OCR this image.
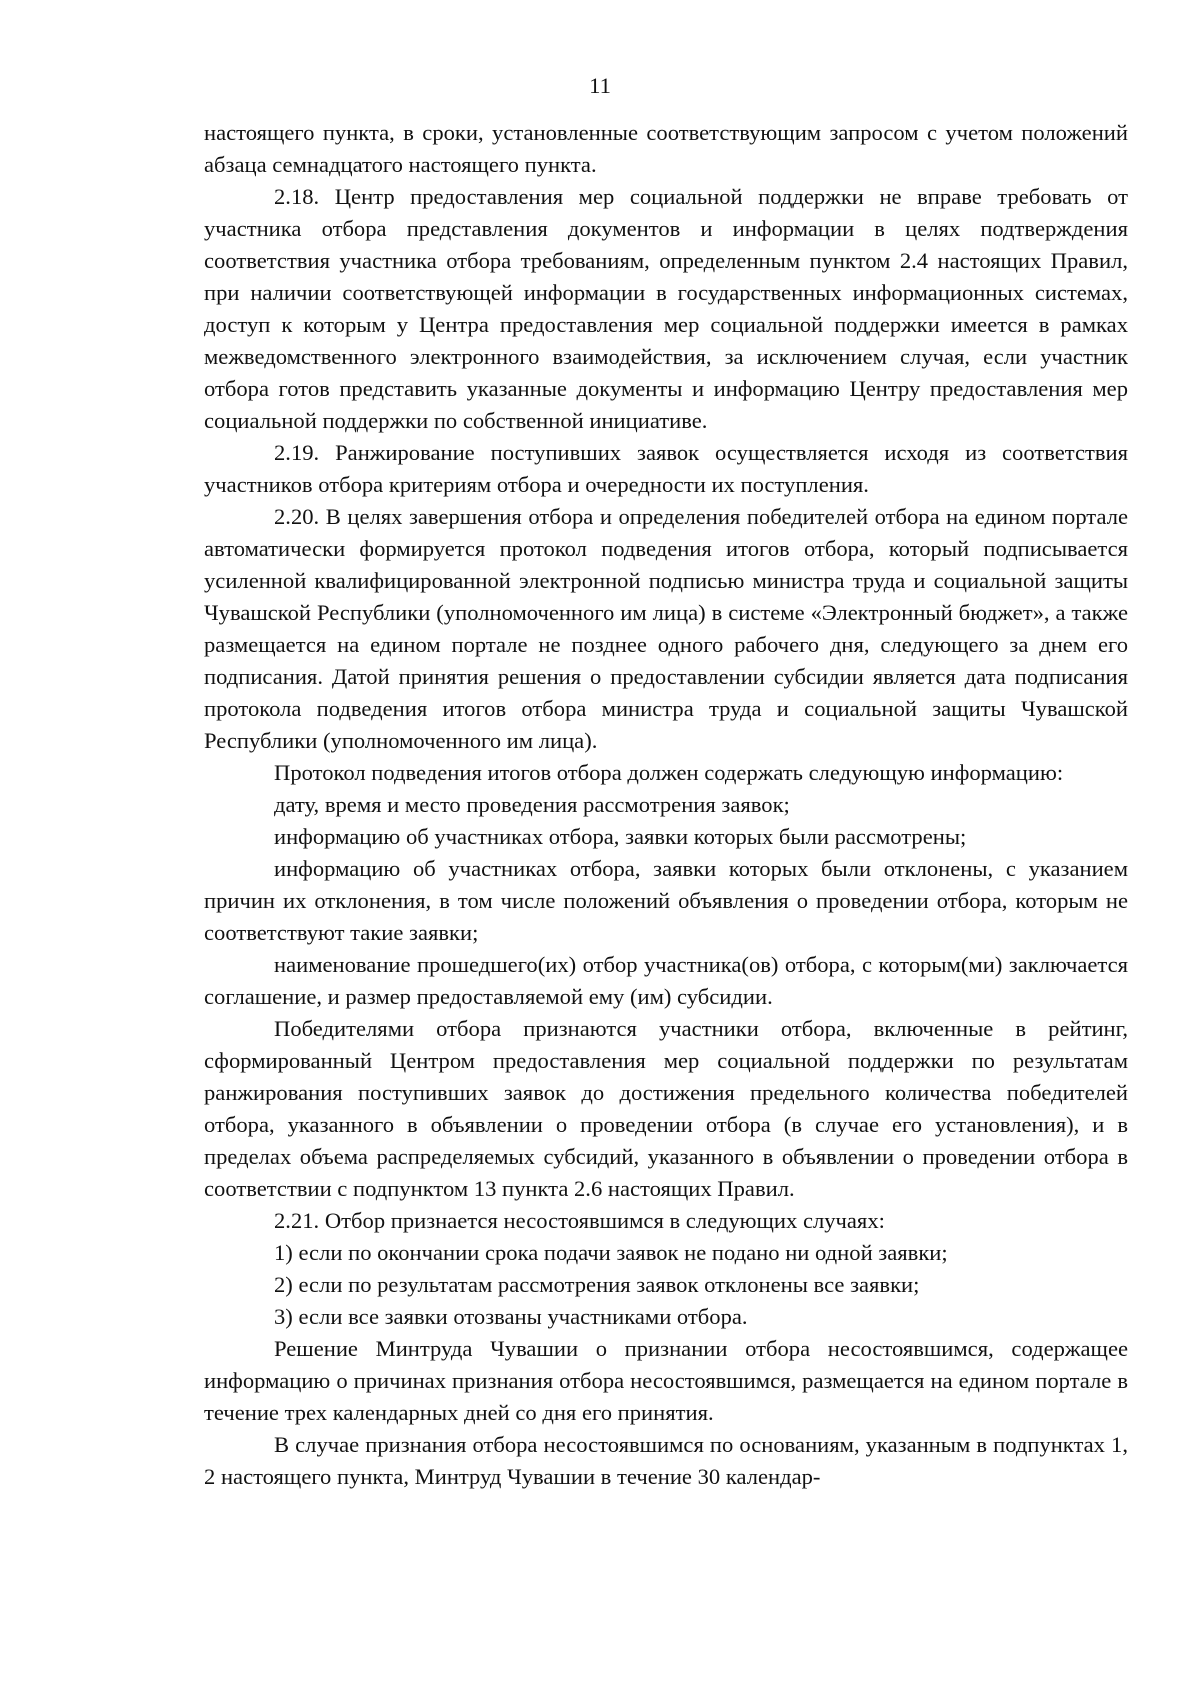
11

настоящего пункта, в сроки, установленные соответствующим запросом с учетом положений абзаца семнадцатого настоящего пункта.

2.18. Центр предоставления мер социальной поддержки не вправе требовать от участника отбора представления документов и информации в целях подтверждения соответствия участника отбора требованиям, определенным пунктом 2.4 настоящих Правил, при наличии соответствующей информации в государственных информационных системах, доступ к которым у Центра предоставления мер социальной поддержки имеется в рамках межведомственного электронного взаимодействия, за исключением случая, если участник отбора готов представить указанные документы и информацию Центру предоставления мер социальной поддержки по собственной инициативе.

2.19. Ранжирование поступивших заявок осуществляется исходя из соответствия участников отбора критериям отбора и очередности их поступления.

2.20. В целях завершения отбора и определения победителей отбора на едином портале автоматически формируется протокол подведения итогов отбора, который подписывается усиленной квалифицированной электронной подписью министра труда и социальной защиты Чувашской Республики (уполномоченного им лица) в системе «Электронный бюджет», а также размещается на едином портале не позднее одного рабочего дня, следующего за днем его подписания. Датой принятия решения о предоставлении субсидии является дата подписания протокола подведения итогов отбора министра труда и социальной защиты Чувашской Республики (уполномоченного им лица).

Протокол подведения итогов отбора должен содержать следующую информацию:

дату, время и место проведения рассмотрения заявок;

информацию об участниках отбора, заявки которых были рассмотрены;

информацию об участниках отбора, заявки которых были отклонены, с указанием причин их отклонения, в том числе положений объявления о проведении отбора, которым не соответствуют такие заявки;

наименование прошедшего(их) отбор участника(ов) отбора, с которым(ми) заключается соглашение, и размер предоставляемой ему (им) субсидии.

Победителями отбора признаются участники отбора, включенные в рейтинг, сформированный Центром предоставления мер социальной поддержки по результатам ранжирования поступивших заявок до достижения предельного количества победителей отбора, указанного в объявлении о проведении отбора (в случае его установления), и в пределах объема распределяемых субсидий, указанного в объявлении о проведении отбора в соответствии с подпунктом 13 пункта 2.6 настоящих Правил.

2.21. Отбор признается несостоявшимся в следующих случаях:

1) если по окончании срока подачи заявок не подано ни одной заявки;

2) если по результатам рассмотрения заявок отклонены все заявки;

3) если все заявки отозваны участниками отбора.

Решение Минтруда Чувашии о признании отбора несостоявшимся, содержащее информацию о причинах признания отбора несостоявшимся, размещается на едином портале в течение трех календарных дней со дня его принятия.

В случае признания отбора несостоявшимся по основаниям, указанным в подпунктах 1, 2 настоящего пункта, Минтруд Чувашии в течение 30 календар-
